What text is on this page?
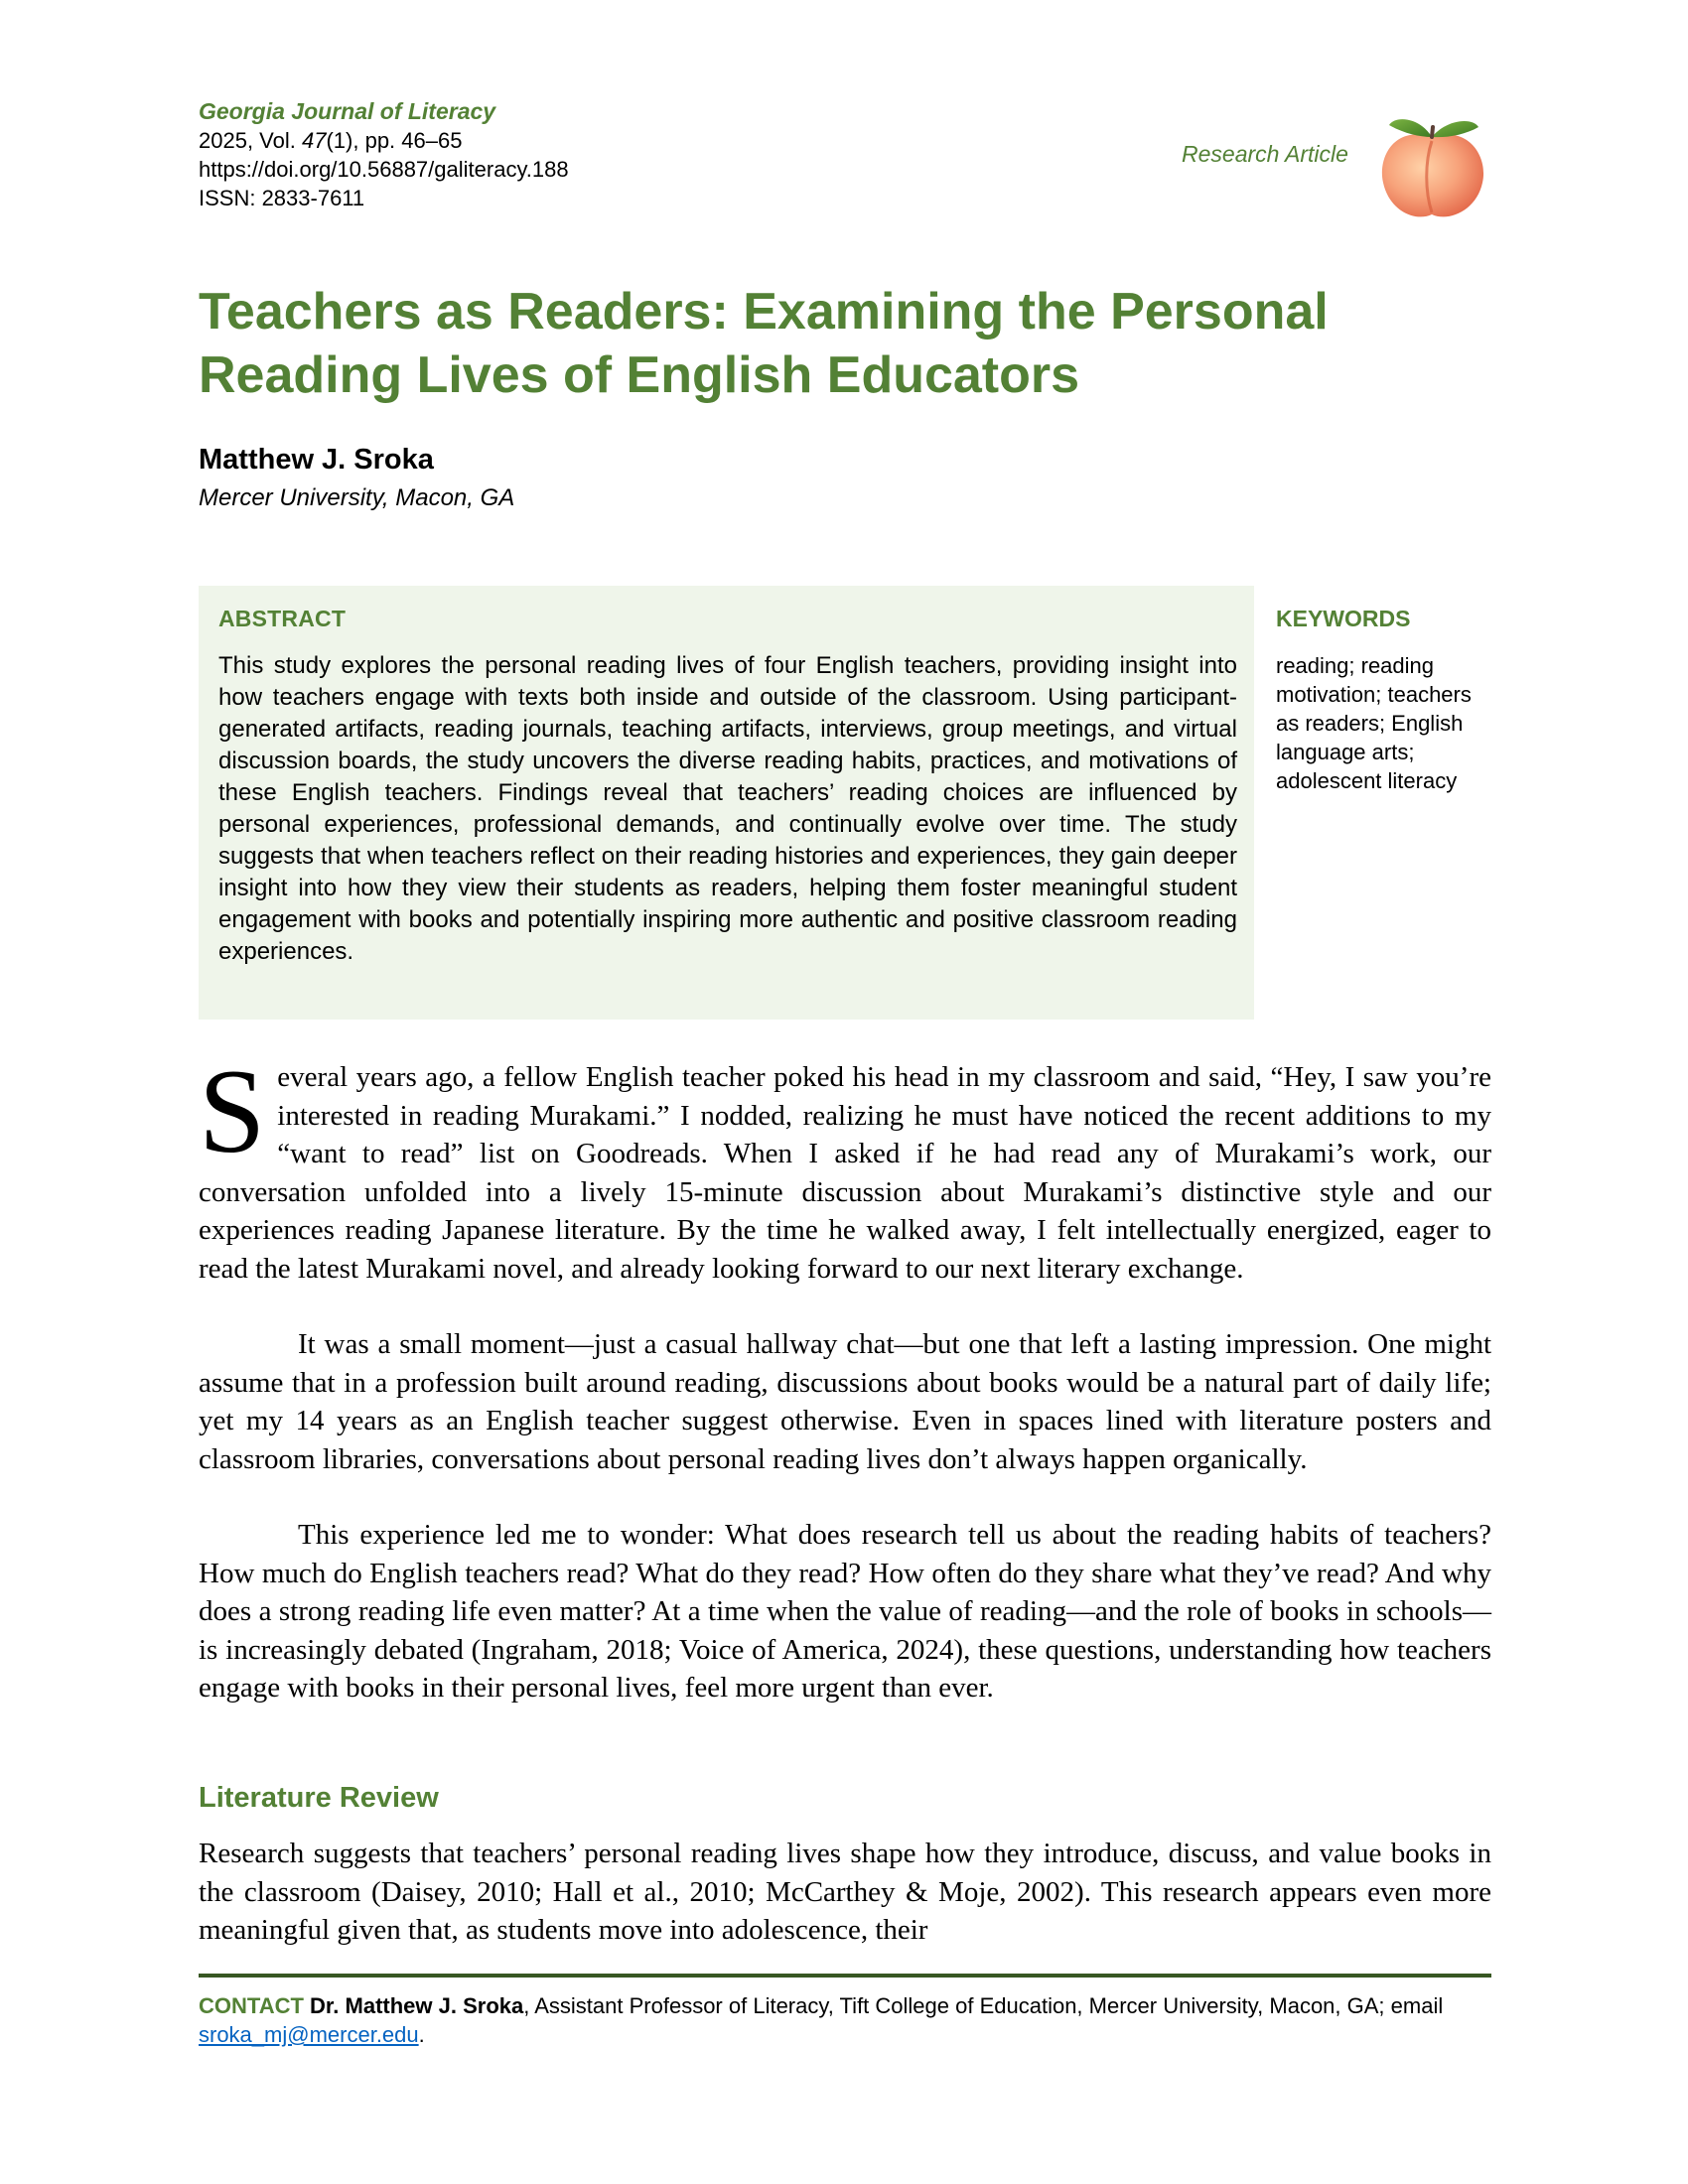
Georgia Journal of Literacy
2025, Vol. 47(1), pp. 46–65
https://doi.org/10.56887/galiteracy.188
ISSN: 2833-7611
Research Article
Teachers as Readers: Examining the Personal Reading Lives of English Educators
Matthew J. Sroka
Mercer University, Macon, GA
ABSTRACT

This study explores the personal reading lives of four English teachers, providing insight into how teachers engage with texts both inside and outside of the classroom. Using participant-generated artifacts, reading journals, teaching artifacts, interviews, group meetings, and virtual discussion boards, the study uncovers the diverse reading habits, practices, and motivations of these English teachers. Findings reveal that teachers’ reading choices are influenced by personal experiences, professional demands, and continually evolve over time. The study suggests that when teachers reflect on their reading histories and experiences, they gain deeper insight into how they view their students as readers, helping them foster meaningful student engagement with books and potentially inspiring more authentic and positive classroom reading experiences.

KEYWORDS

reading; reading motivation; teachers as readers; English language arts; adolescent literacy

Several years ago, a fellow English teacher poked his head in my classroom and said, “Hey, I saw you’re interested in reading Murakami.” I nodded, realizing he must have noticed the recent additions to my “want to read” list on Goodreads. When I asked if he had read any of Murakami’s work, our conversation unfolded into a lively 15-minute discussion about Murakami’s distinctive style and our experiences reading Japanese literature. By the time he walked away, I felt intellectually energized, eager to read the latest Murakami novel, and already looking forward to our next literary exchange.

It was a small moment—just a casual hallway chat—but one that left a lasting impression. One might assume that in a profession built around reading, discussions about books would be a natural part of daily life; yet my 14 years as an English teacher suggest otherwise. Even in spaces lined with literature posters and classroom libraries, conversations about personal reading lives don’t always happen organically.

This experience led me to wonder: What does research tell us about the reading habits of teachers? How much do English teachers read? What do they read? How often do they share what they’ve read? And why does a strong reading life even matter? At a time when the value of reading—and the role of books in schools—is increasingly debated (Ingraham, 2018; Voice of America, 2024), these questions, understanding how teachers engage with books in their personal lives, feel more urgent than ever.

Literature Review

Research suggests that teachers’ personal reading lives shape how they introduce, discuss, and value books in the classroom (Daisey, 2010; Hall et al., 2010; McCarthey & Moje, 2002). This research appears even more meaningful given that, as students move into adolescence, their

CONTACT Dr. Matthew J. Sroka, Assistant Professor of Literacy, Tift College of Education, Mercer University, Macon, GA; email sroka_mj@mercer.edu.
